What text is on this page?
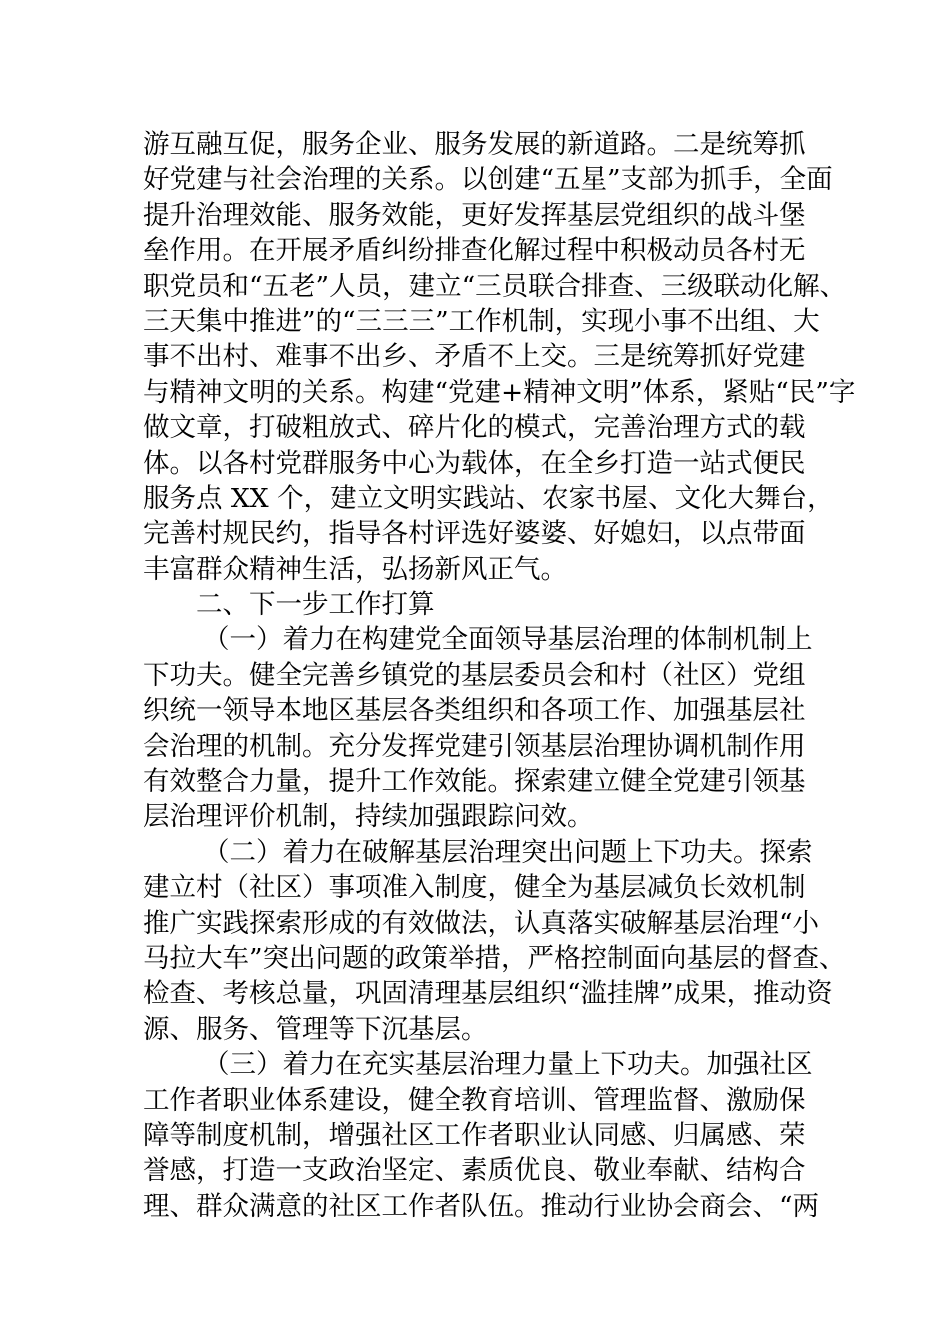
游互融互促，服务企业、服务发展的新道路。二是统筹抓
好党建与社会治理的关系。以创建“五星”支部为抓手，全面
提升治理效能、服务效能，更好发挥基层党组织的战斗堡
垒作用。在开展矛盾纠纷排查化解过程中积极动员各村无
职党员和“五老”人员，建立“三员联合排查、三级联动化解、
三天集中推进”的“三三三”工作机制，实现小事不出组、大
事不出村、难事不出乡、矛盾不上交。三是统筹抓好党建
与精神文明的关系。构建“党建+精神文明”体系，紧贴“民”字
做文章，打破粗放式、碎片化的模式，完善治理方式的载
体。以各村党群服务中心为载体，在全乡打造一站式便民
服务点 XX 个，建立文明实践站、农家书屋、文化大舞台，
完善村规民约，指导各村评选好婆婆、好媳妇，以点带面
丰富群众精神生活，弘扬新风正气。
二、下一步工作打算
（一）着力在构建党全面领导基层治理的体制机制上
下功夫。健全完善乡镇党的基层委员会和村（社区）党组
织统一领导本地区基层各类组织和各项工作、加强基层社
会治理的机制。充分发挥党建引领基层治理协调机制作用
有效整合力量，提升工作效能。探索建立健全党建引领基
层治理评价机制，持续加强跟踪问效。
（二）着力在破解基层治理突出问题上下功夫。探索
建立村（社区）事项准入制度，健全为基层减负长效机制
推广实践探索形成的有效做法，认真落实破解基层治理“小
马拉大车”突出问题的政策举措，严格控制面向基层的督查、
检查、考核总量，巩固清理基层组织“滥挂牌”成果，推动资
源、服务、管理等下沉基层。
（三）着力在充实基层治理力量上下功夫。加强社区
工作者职业体系建设，健全教育培训、管理监督、激励保
障等制度机制，增强社区工作者职业认同感、归属感、荣
誉感，打造一支政治坚定、素质优良、敬业奉献、结构合
理、群众满意的社区工作者队伍。推动行业协会商会、“两
